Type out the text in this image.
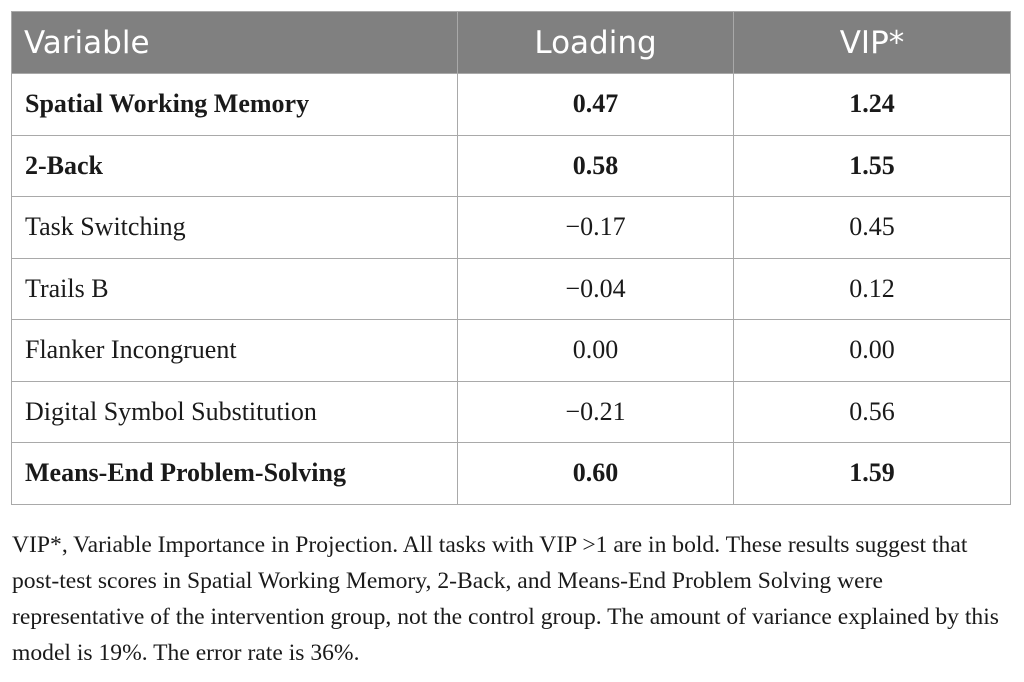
Variable	Loading	VIP*
Spatial Working Memory	0.47	1.24
2-Back	0.58	1.55
Task Switching	−0.17	0.45
Trails B	−0.04	0.12
Flanker Incongruent	0.00	0.00
Digital Symbol Substitution	−0.21	0.56
Means-End Problem-Solving	0.60	1.59

VIP*, Variable Importance in Projection. All tasks with VIP >1 are in bold. These results suggest that post-test scores in Spatial Working Memory, 2-Back, and Means-End Problem Solving were representative of the intervention group, not the control group. The amount of variance explained by this model is 19%. The error rate is 36%.
